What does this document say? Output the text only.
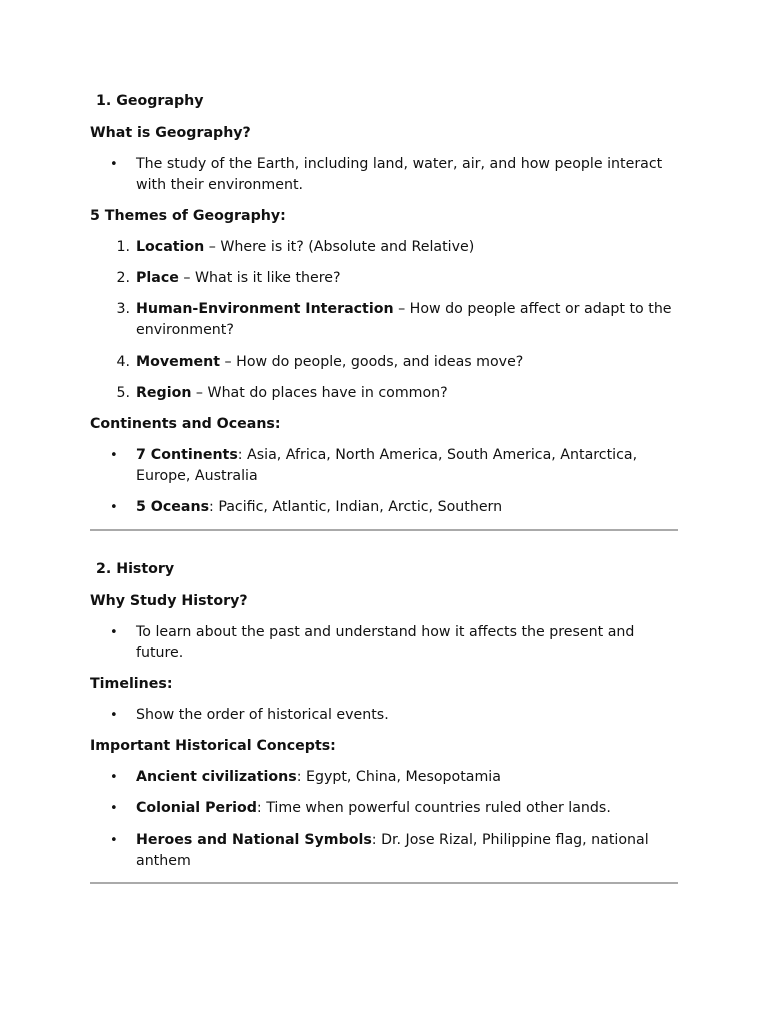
1. Geography
What is Geography?
• The study of the Earth, including land, water, air, and how people interact with their environment.
5 Themes of Geography:
1. Location – Where is it? (Absolute and Relative)
2. Place – What is it like there?
3. Human-Environment Interaction – How do people affect or adapt to the environment?
4. Movement – How do people, goods, and ideas move?
5. Region – What do places have in common?
Continents and Oceans:
• 7 Continents: Asia, Africa, North America, South America, Antarctica, Europe, Australia
• 5 Oceans: Pacific, Atlantic, Indian, Arctic, Southern
2. History
Why Study History?
• To learn about the past and understand how it affects the present and future.
Timelines:
• Show the order of historical events.
Important Historical Concepts:
• Ancient civilizations: Egypt, China, Mesopotamia
• Colonial Period: Time when powerful countries ruled other lands.
• Heroes and National Symbols: Dr. Jose Rizal, Philippine flag, national anthem
